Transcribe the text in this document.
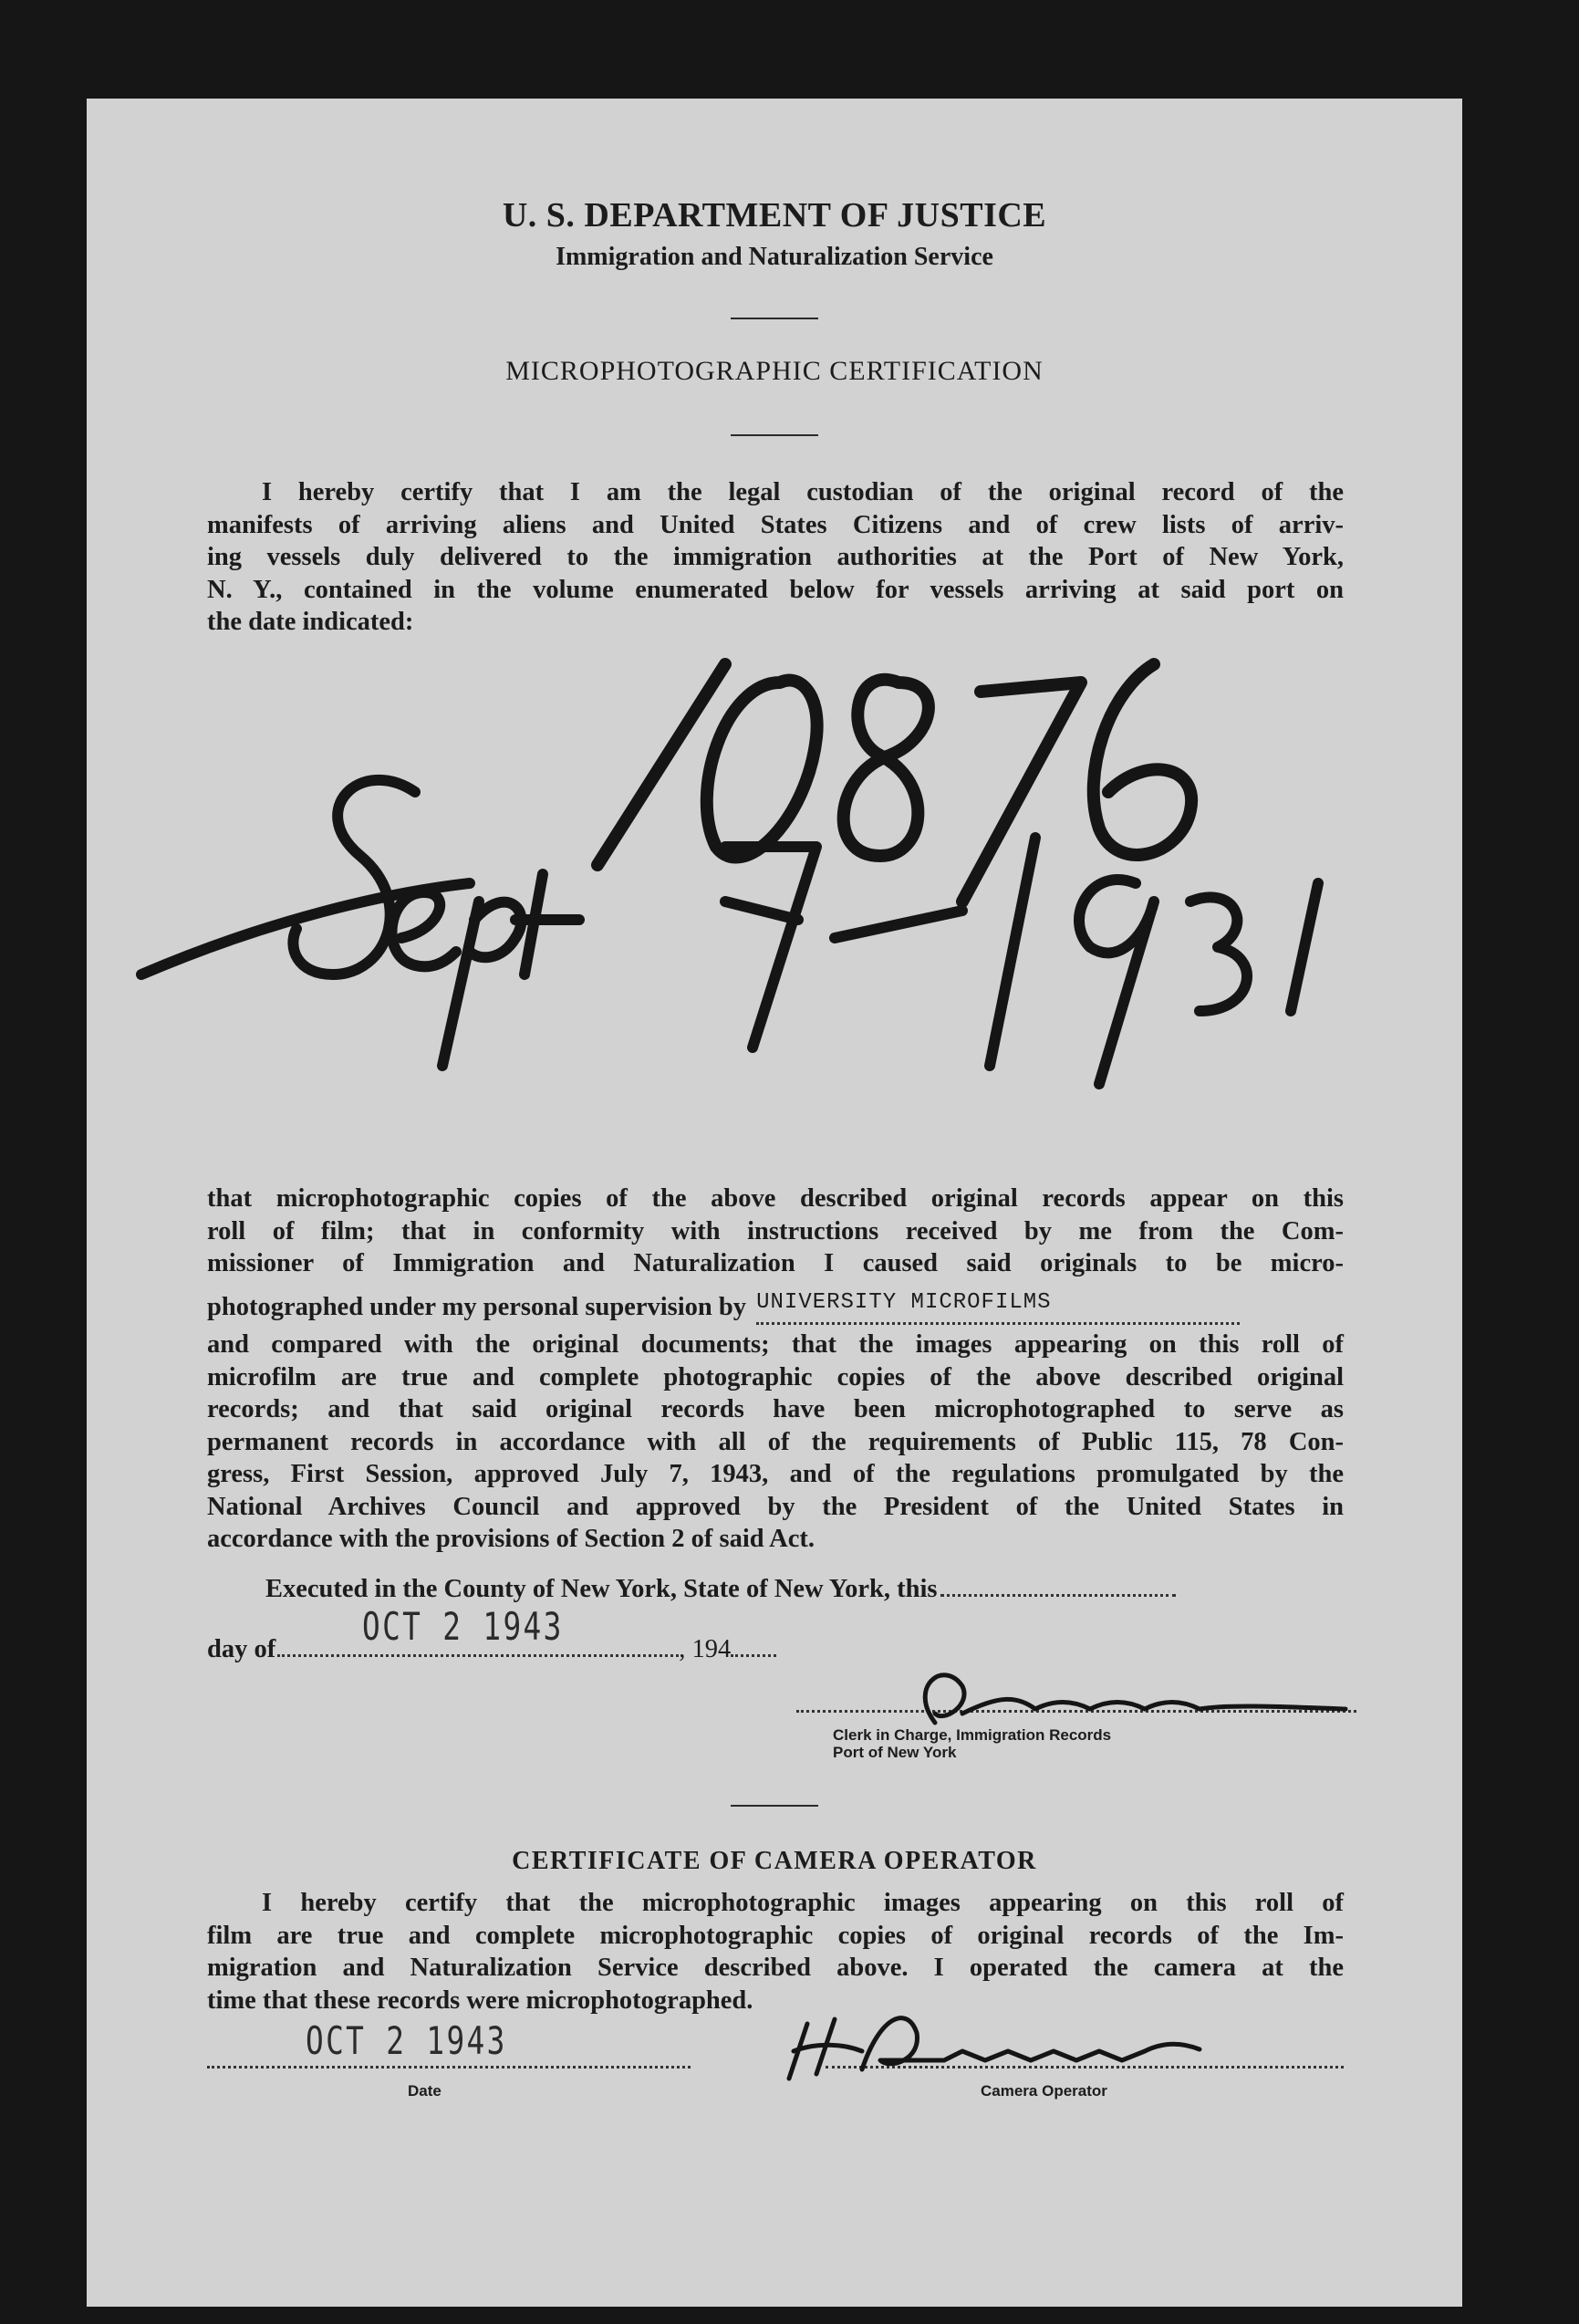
U. S. DEPARTMENT OF JUSTICE
Immigration and Naturalization Service
MICROPHOTOGRAPHIC CERTIFICATION
I hereby certify that I am the legal custodian of the original record of the
manifests of arriving aliens and United States Citizens and of crew lists of arriv-
ing vessels duly delivered to the immigration authorities at the Port of New York,
N. Y., contained in the volume enumerated below for vessels arriving at said port on
the date indicated:
that microphotographic copies of the above described original records appear on this
roll of film; that in conformity with instructions received by me from the Com-
missioner of Immigration and Naturalization I caused said originals to be micro-
photographed under my personal supervision by UNIVERSITY MICROFILMS
and compared with the original documents; that the images appearing on this roll of
microfilm are true and complete photographic copies of the above described original
records; and that said original records have been microphotographed to serve as
permanent records in accordance with all of the requirements of Public 115, 78 Con-
gress, First Session, approved July 7, 1943, and of the regulations promulgated by the
National Archives Council and approved by the President of the United States in
accordance with the provisions of Section 2 of said Act.
Executed in the County of New York, State of New York, this
day of	, 194
OCT 2 1943
Clerk in Charge, Immigration Records
Port of New York
CERTIFICATE OF CAMERA OPERATOR
I hereby certify that the microphotographic images appearing on this roll of
film are true and complete microphotographic copies of original records of the Im-
migration and Naturalization Service described above. I operated the camera at the
time that these records were microphotographed.
OCT 2 1943
Date	Camera Operator
